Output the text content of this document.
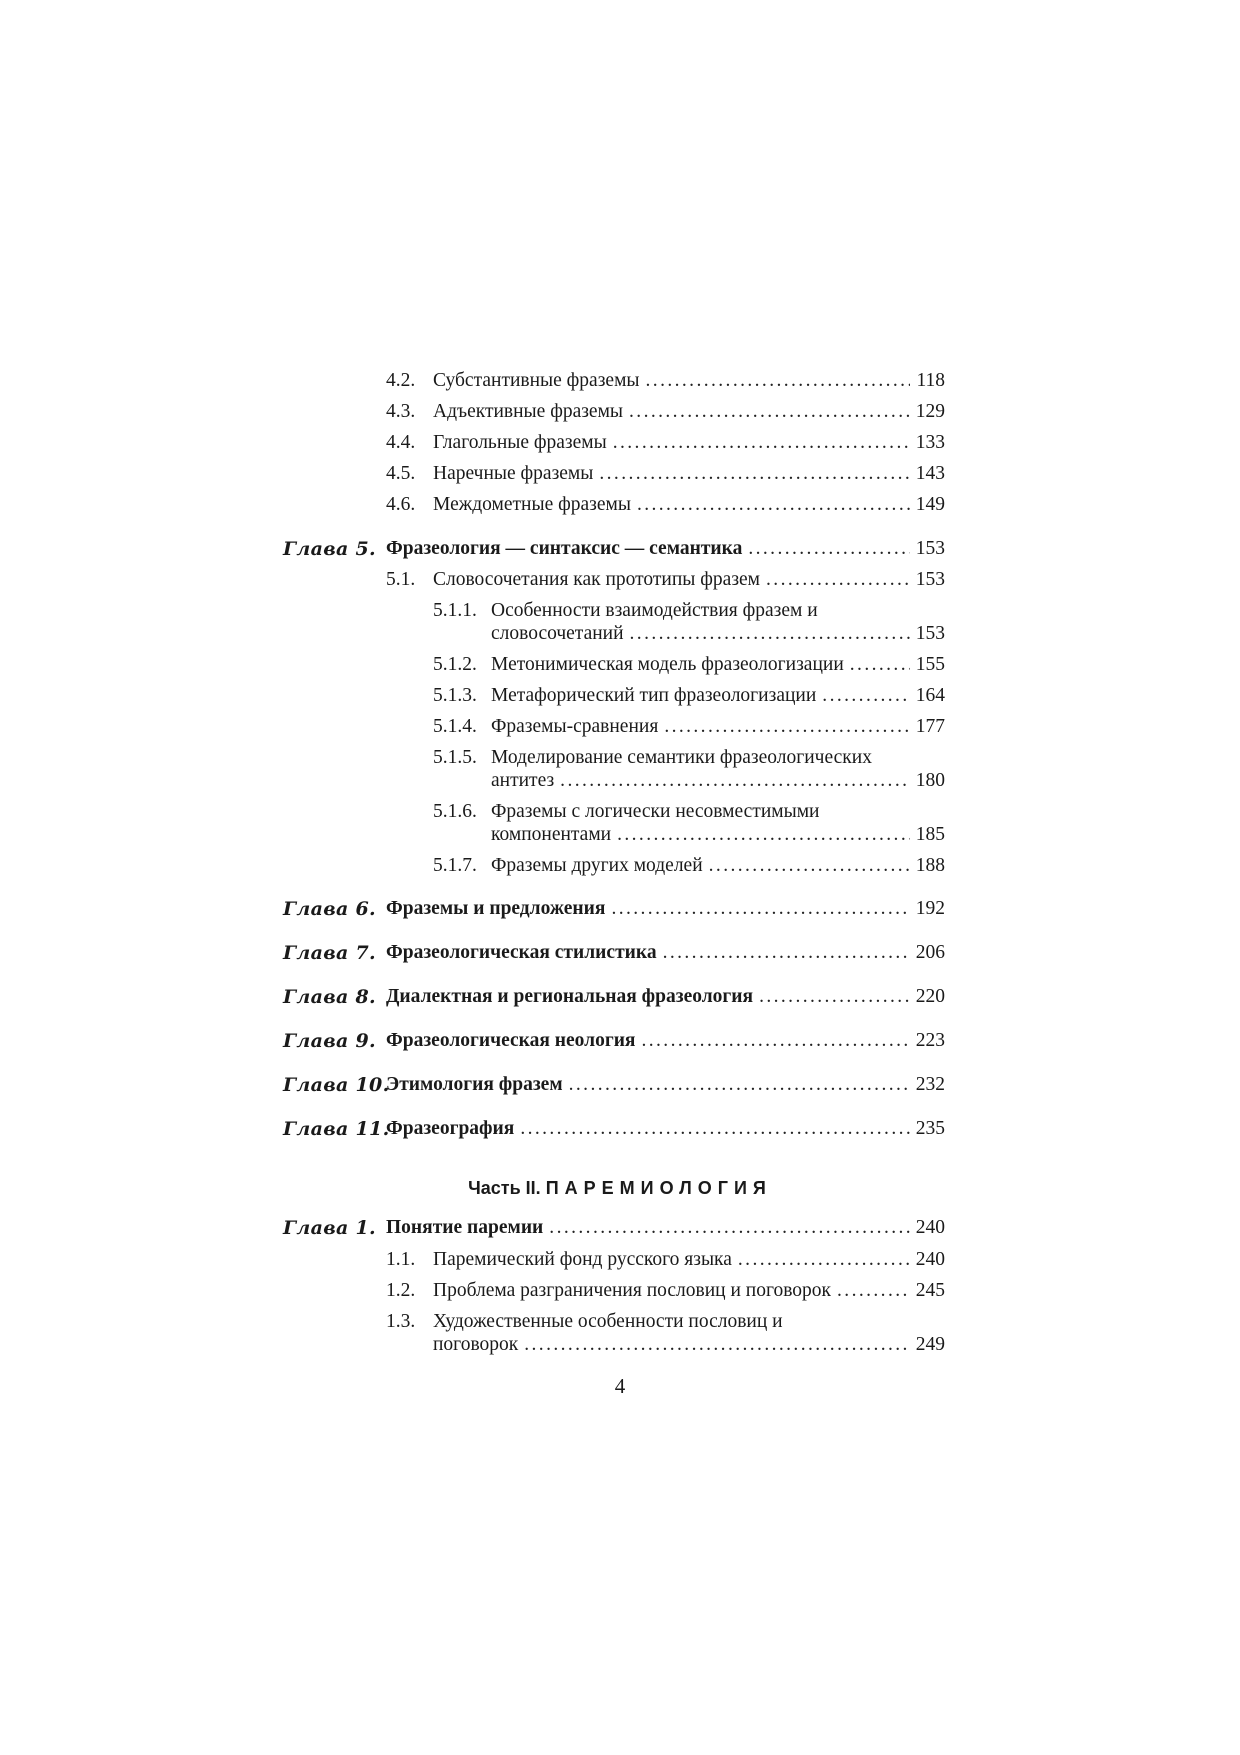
4.2. Субстантивные фраземы .....	118
4.3. Адъективные фраземы .....	129
4.4. Глагольные фраземы .....	133
4.5. Наречные фраземы .....	143
4.6. Междометные фраземы .....	149
Глава 5. Фразеология — синтаксис — семантика .....	153
5.1. Словосочетания как прототипы фразем .....	153
5.1.1. Особенности взаимодействия фразем и
словосочетаний .....	153
5.1.2. Метонимическая модель фразеологизации .....	155
5.1.3. Метафорический тип фразеологизации .....	164
5.1.4. Фраземы-сравнения .....	177
5.1.5. Моделирование семантики фразеологических
антитез .....	180
5.1.6. Фраземы с логически несовместимыми
компонентами .....	185
5.1.7. Фраземы других моделей .....	188
Глава 6. Фраземы и предложения .....	192
Глава 7. Фразеологическая стилистика .....	206
Глава 8. Диалектная и региональная фразеология .....	220
Глава 9. Фразеологическая неология .....	223
Глава 10.
Этимология фразем .....	232
Глава 11.
Фразеография .....	235
Часть II. ПАРЕМИОЛОГИЯ
Глава 1. Понятие паремии .....	240
1.1. Паремический фонд русского языка .....	240
1.2. Проблема разграничения пословиц и поговорок .....	245
1.3. Художественные особенности пословиц и
поговорок .....	249
4
